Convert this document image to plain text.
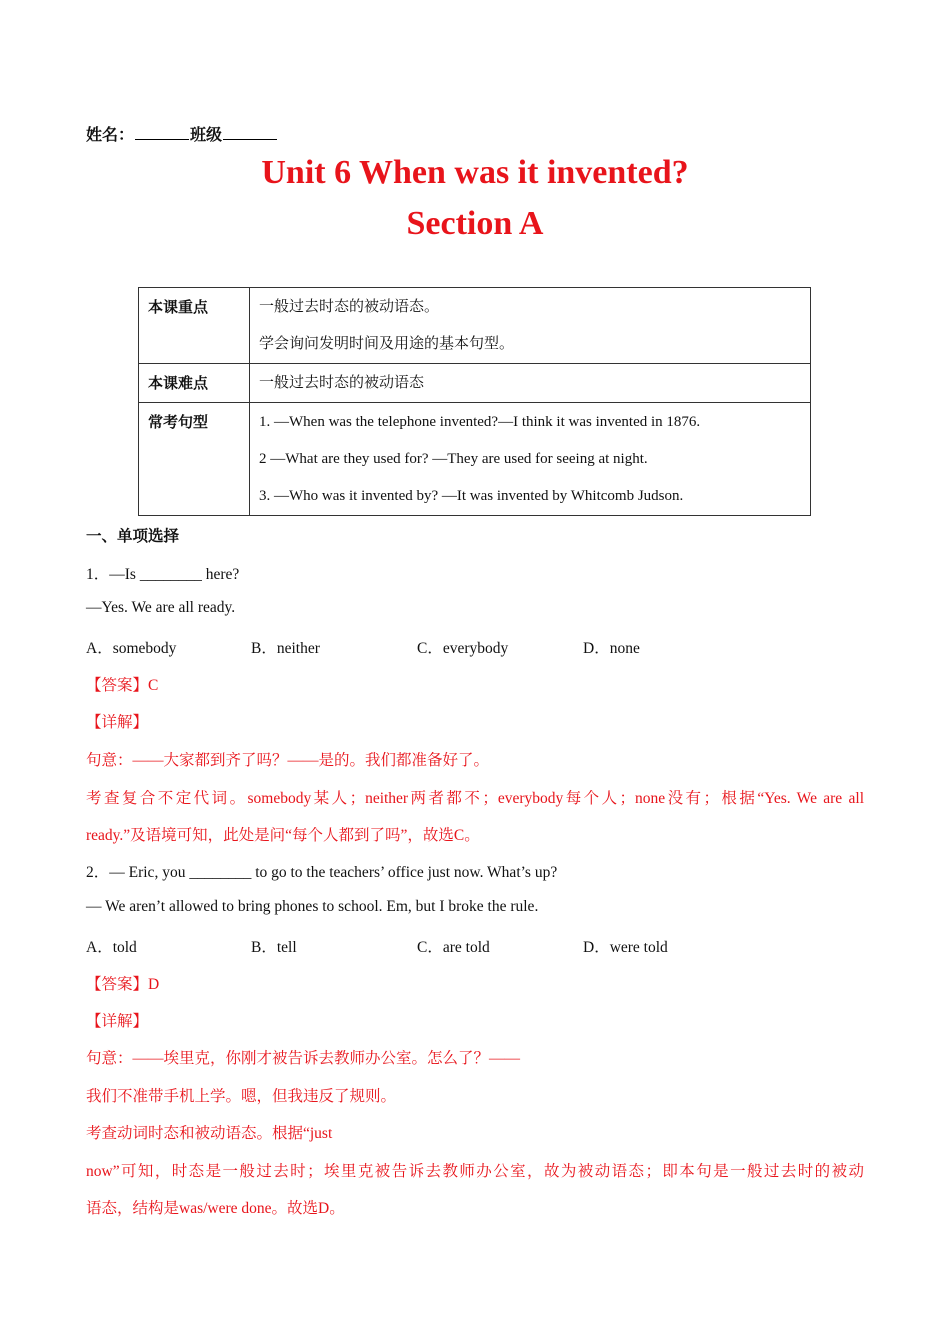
姓名：	班级
Unit 6 When was it invented?
Section A
本课重点	一般过去时态的被动语态。
学会询问发明时间及用途的基本句型。

本课难点	一般过去时态的被动语态

常考句型	1. —When was the telephone invented?—I think it was invented in 1876.
2 —What are they used for? —They are used for seeing at night.
3. —Who was it invented by? —It was invented by Whitcomb Judson.
一、单项选择
1．—Is ________ here?
—Yes. We are all ready.
A．somebody	B．neither	C．everybody	D．none
【答案】C
【详解】
句意：——大家都到齐了吗？——是的。我们都准备好了。
考查复合不定代词。somebody某人；neither两者都不；everybody每个人；none没有；根据“Yes. We are all
ready.”及语境可知，此处是问“每个人都到了吗”，故选C。
2．— Eric, you ________ to go to the teachers’ office just now. What’s up?
— We aren’t allowed to bring phones to school. Em, but I broke the rule.
A．told	B．tell	C．are told	D．were told
【答案】D
【详解】
句意：——埃里克，你刚才被告诉去教师办公室。怎么了？——
我们不准带手机上学。嗯，但我违反了规则。
考查动词时态和被动语态。根据“just
now”可知，时态是一般过去时；埃里克被告诉去教师办公室，故为被动语态；即本句是一般过去时的被动
语态，结构是was/were done。故选D。
